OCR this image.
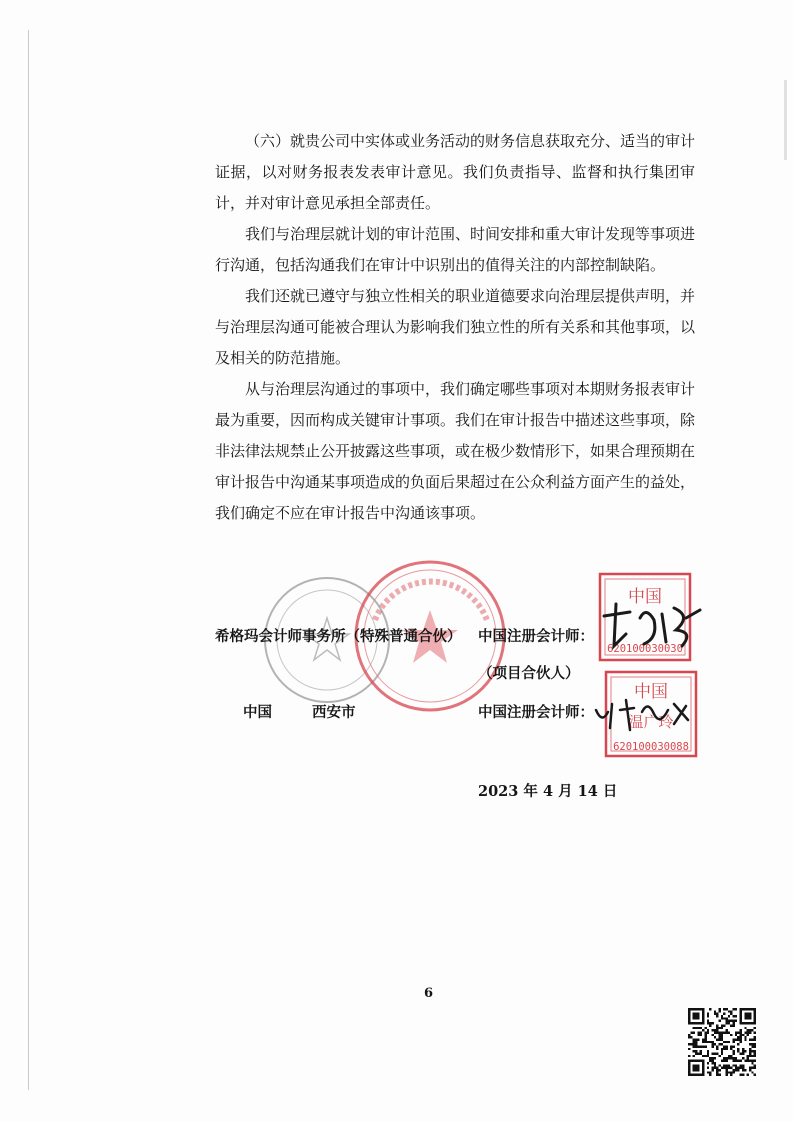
（六）就贵公司中实体或业务活动的财务信息获取充分、适当的审计证据，以对财务报表发表审计意见。我们负责指导、监督和执行集团审计，并对审计意见承担全部责任。

我们与治理层就计划的审计范围、时间安排和重大审计发现等事项进行沟通，包括沟通我们在审计中识别出的值得关注的内部控制缺陷。

我们还就已遵守与独立性相关的职业道德要求向治理层提供声明，并与治理层沟通可能被合理认为影响我们独立性的所有关系和其他事项，以及相关的防范措施。

从与治理层沟通过的事项中，我们确定哪些事项对本期财务报表审计最为重要，因而构成关键审计事项。我们在审计报告中描述这些事项，除非法律法规禁止公开披露这些事项，或在极少数情形下，如果合理预期在审计报告中沟通某事项造成的负面后果超过在公众利益方面产生的益处，我们确定不应在审计报告中沟通该事项。

中国
620100030030
中国
温广玲
620100030088
希格玛会计师事务所（特殊普通合伙） 中国注册会计师：
（项目合伙人）
中国	西安市	中国注册会计师：
2023 年 4 月 14 日
6
